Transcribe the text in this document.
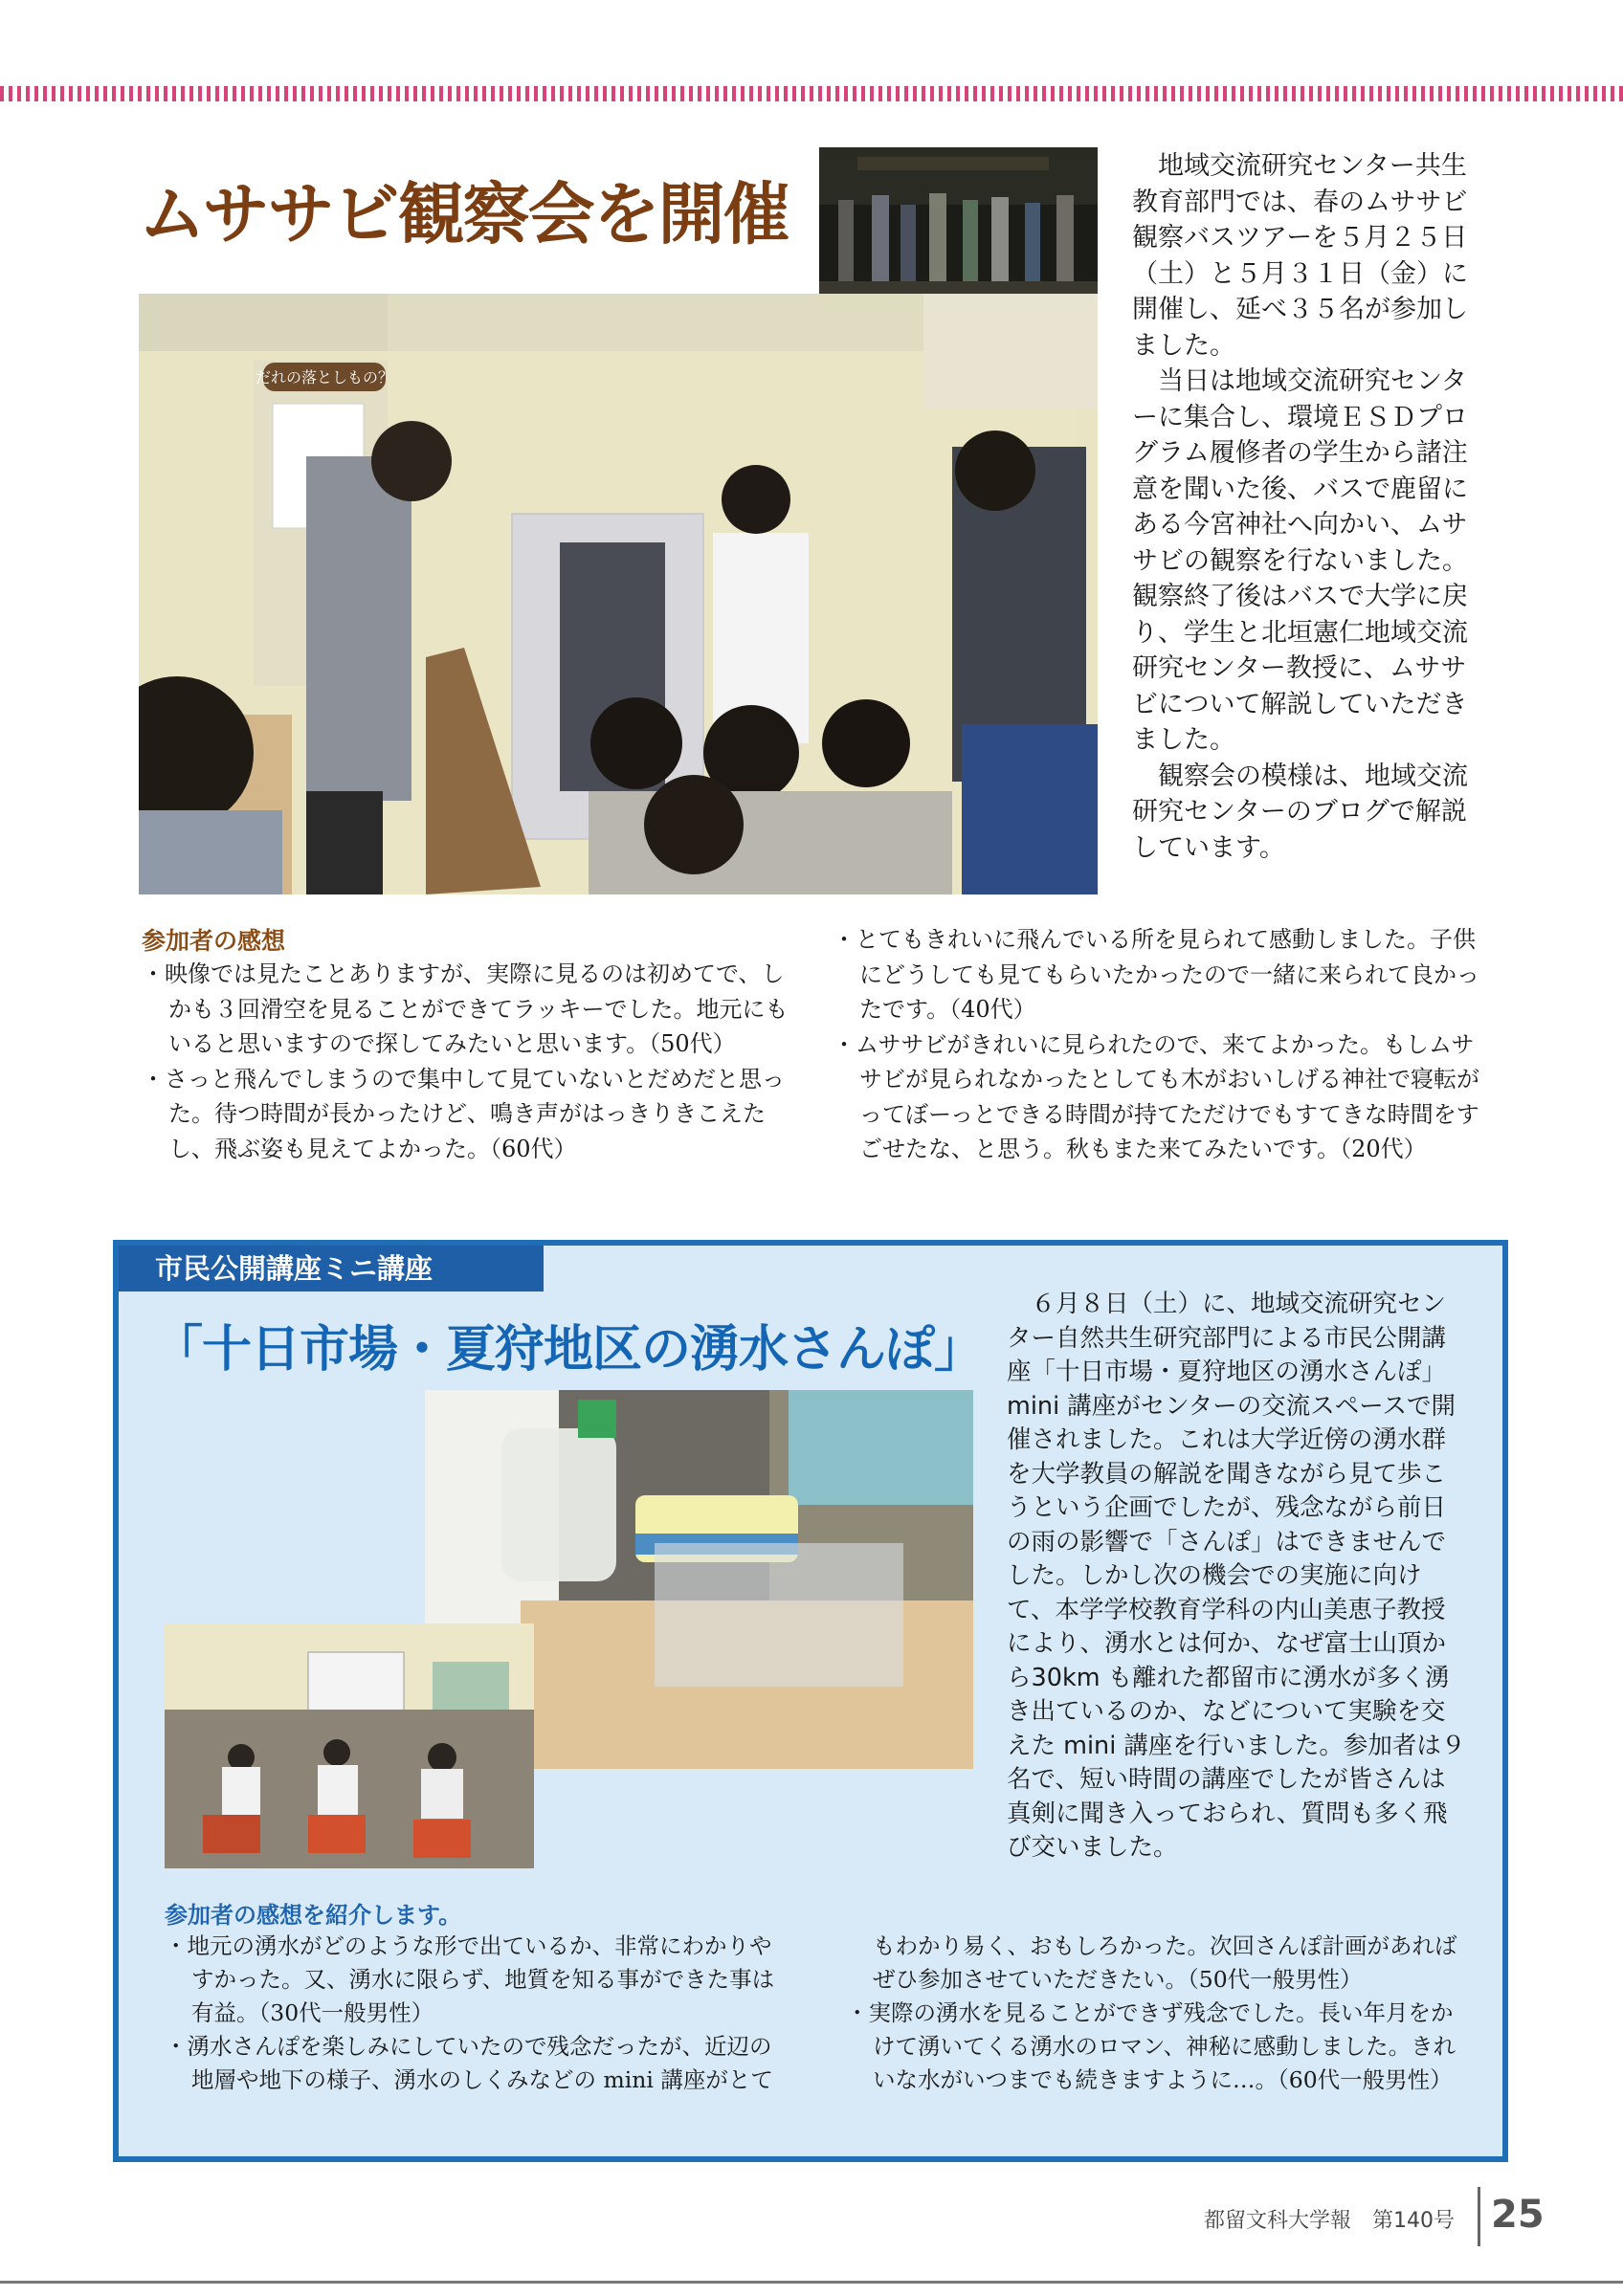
ムササビ観察会を開催
だれの落としもの？
地域交流研究センター共生教育部門では、春のムササビ観察バスツアーを５月２５日（土）と５月３１日（金）に開催し、延べ３５名が参加しました。
当日は地域交流研究センターに集合し、環境ＥＳＤプログラム履修者の学生から諸注意を聞いた後、バスで鹿留にある今宮神社へ向かい、ムササビの観察を行ないました。観察終了後はバスで大学に戻り、学生と北垣憲仁地域交流研究センター教授に、ムササビについて解説していただきました。
観察会の模様は、地域交流研究センターのブログで解説しています。
参加者の感想
・ 映像では見たことありますが、実際に見るのは初めてで、しかも３回滑空を見ることができてラッキーでした。地元にもいると思いますので探してみたいと思います。（50代）
・ さっと飛んでしまうので集中して見ていないとだめだと思った。待つ時間が長かったけど、鳴き声がはっきりきこえたし、飛ぶ姿も見えてよかった。（60代）
・ とてもきれいに飛んでいる所を見られて感動しました。子供にどうしても見てもらいたかったので一緒に来られて良かったです。（40代）
・ ムササビがきれいに見られたので、来てよかった。もしムササビが見られなかったとしても木がおいしげる神社で寝転がってぼーっとできる時間が持てただけでもすてきな時間をすごせたな、と思う。秋もまた来てみたいです。（20代）
市民公開講座ミニ講座
「十日市場・夏狩地区の湧水さんぽ」
６月８日（土）に、地域交流研究センター自然共生研究部門による市民公開講座「十日市場・夏狩地区の湧水さんぽ」mini 講座がセンターの交流スペースで開催されました。これは大学近傍の湧水群を大学教員の解説を聞きながら見て歩こうという企画でしたが、残念ながら前日の雨の影響で「さんぽ」はできませんでした。しかし次の機会での実施に向けて、本学学校教育学科の内山美恵子教授により、湧水とは何か、なぜ富士山頂から30km も離れた都留市に湧水が多く湧き出ているのか、などについて実験を交えた mini 講座を行いました。参加者は９名で、短い時間の講座でしたが皆さんは真剣に聞き入っておられ、質問も多く飛び交いました。
参加者の感想を紹介します。
・ 地元の湧水がどのような形で出ているか、非常にわかりやすかった。又、湧水に限らず、地質を知る事ができた事は有益。（30代一般男性）
・ 湧水さんぽを楽しみにしていたので残念だったが、近辺の地層や地下の様子、湧水のしくみなどの mini 講座がとてもわかり易く、おもしろかった。次回さんぽ計画があればぜひ参加させていただきたい。（50代一般男性）
・ 実際の湧水を見ることができず残念でした。長い年月をかけて湧いてくる湧水のロマン、神秘に感動しました。きれいな水がいつまでも続きますように…。（60代一般男性）
都留文科大学報　第140号 25
